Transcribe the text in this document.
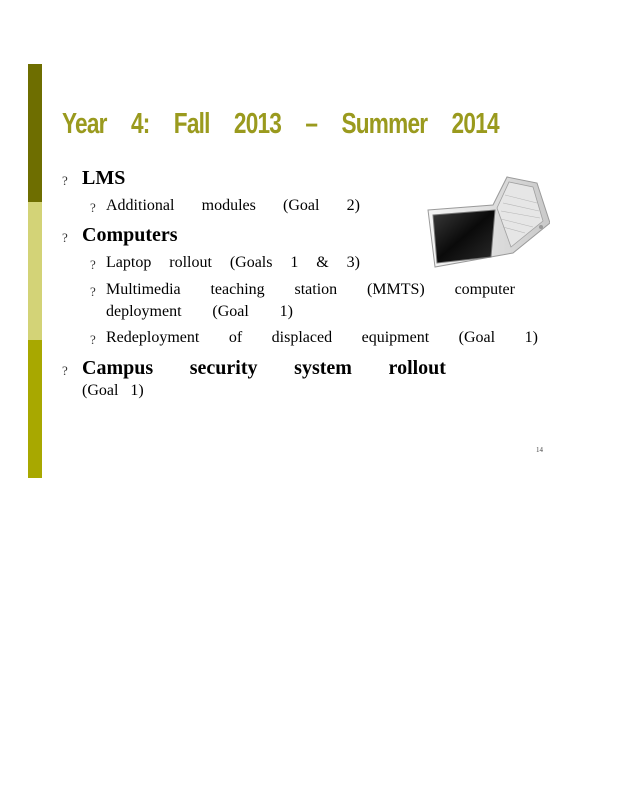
Year 4: Fall 2013 – Summer 2014
? LMS
? Additional modules (Goal 2)
? Computers
? Laptop rollout (Goals 1 & 3)
? Multimedia teaching station (MMTS) computer
deployment (Goal 1)
? Redeployment of displaced equipment (Goal 1)
? Campus security system rollout
(Goal 1)
14
